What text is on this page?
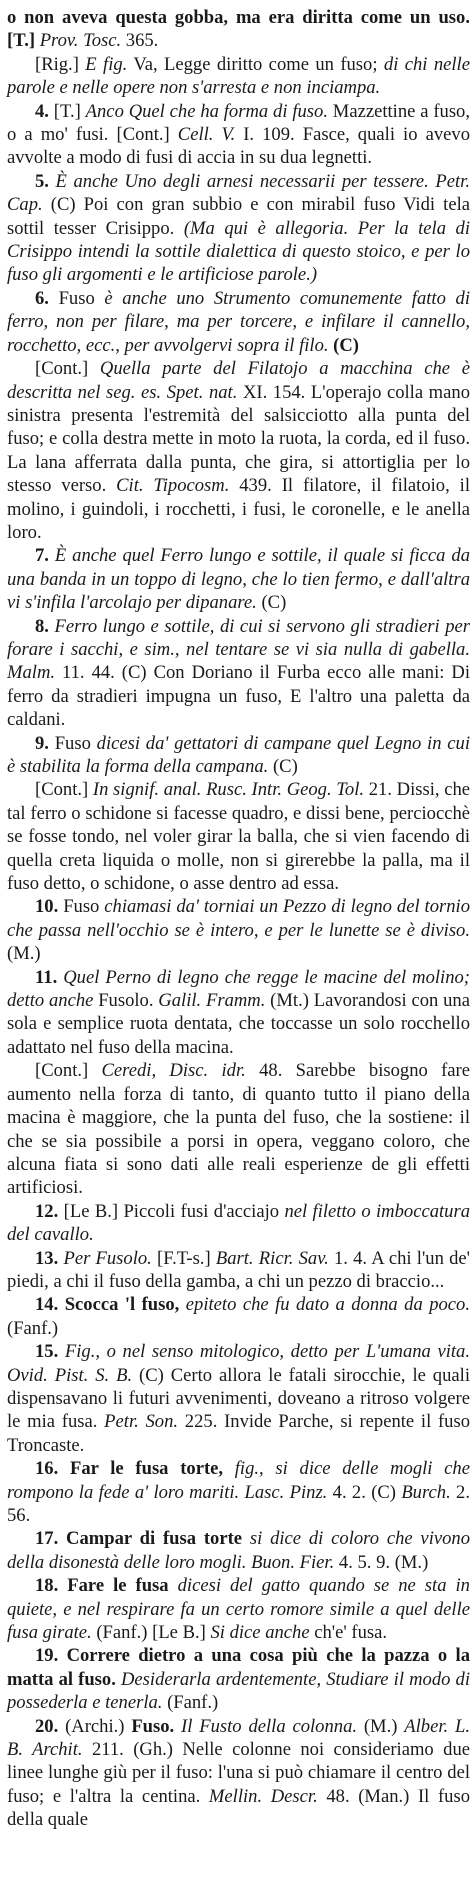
o non aveva questa gobba, ma era diritta come un uso. [T.] Prov. Tosc. 365.

[Rig.] E fig. Va, Legge diritto come un fuso; di chi nelle parole e nelle opere non s'arresta e non inciampa.

4. [T.] Anco Quel che ha forma di fuso. Mazzettine a fuso, o a mo' fusi. [Cont.] Cell. V. I. 109. Fasce, quali io avevo avvolte a modo di fusi di accia in su dua legnetti.

5. È anche Uno degli arnesi necessarii per tessere. Petr. Cap. (C) Poi con gran subbio e con mirabil fuso Vidi tela sottil tesser Crisippo. (Ma qui è allegoria. Per la tela di Crisippo intendi la sottile dialettica di questo stoico, e per lo fuso gli argomenti e le artificiose parole.)

6. Fuso è anche uno Strumento comunemente fatto di ferro, non per filare, ma per torcere, e infilare il cannello, rocchetto, ecc., per avvolgervi sopra il filo. (C)

[Cont.] Quella parte del Filatojo a macchina che è descritta nel seg. es. Spet. nat. XI. 154. L'operajo colla mano sinistra presenta l'estremità del salsicciotto alla punta del fuso; e colla destra mette in moto la ruota, la corda, ed il fuso. La lana afferrata dalla punta, che gira, si attortiglia per lo stesso verso. Cit. Tipocosm. 439. Il filatore, il filatoio, il molino, i guindoli, i rocchetti, i fusi, le coronelle, e le anella loro.

7. È anche quel Ferro lungo e sottile, il quale si ficca da una banda in un toppo di legno, che lo tien fermo, e dall'altra vi s'infila l'arcolajo per dipanare. (C)

8. Ferro lungo e sottile, di cui si servono gli stradieri per forare i sacchi, e sim., nel tentare se vi sia nulla di gabella. Malm. 11. 44. (C) Con Doriano il Furba ecco alle mani: Di ferro da stradieri impugna un fuso, E l'altro una paletta da caldani.

9. Fuso dicesi da' gettatori di campane quel Legno in cui è stabilita la forma della campana. (C)

[Cont.] In signif. anal. Rusc. Intr. Geog. Tol. 21. Dissi, che tal ferro o schidone si facesse quadro, e dissi bene, perciocchè se fosse tondo, nel voler girar la balla, che si vien facendo di quella creta liquida o molle, non si girerebbe la palla, ma il fuso detto, o schidone, o asse dentro ad essa.

10. Fuso chiamasi da' torniai un Pezzo di legno del tornio che passa nell'occhio se è intero, e per le lunette se è diviso. (M.)

11. Quel Perno di legno che regge le macine del molino; detto anche Fusolo. Galil. Framm. (Mt.) Lavorandosi con una sola e semplice ruota dentata, che toccasse un solo rocchello adattato nel fuso della macina.

[Cont.] Ceredi, Disc. idr. 48. Sarebbe bisogno fare aumento nella forza di tanto, di quanto tutto il piano della macina è maggiore, che la punta del fuso, che la sostiene: il che se sia possibile a porsi in opera, veggano coloro, che alcuna fiata si sono dati alle reali esperienze de gli effetti artificiosi.

12. [Le B.] Piccoli fusi d'acciajo nel filetto o imboccatura del cavallo.

13. Per Fusolo. [F.T-s.] Bart. Ricr. Sav. 1. 4. A chi l'un de' piedi, a chi il fuso della gamba, a chi un pezzo di braccio...

14. Scocca 'l fuso, epiteto che fu dato a donna da poco. (Fanf.)

15. Fig., o nel senso mitologico, detto per L'umana vita. Ovid. Pist. S. B. (C) Certo allora le fatali sirocchie, le quali dispensavano li futuri avvenimenti, doveano a ritroso volgere le mia fusa. Petr. Son. 225. Invide Parche, si repente il fuso Troncaste.

16. Far le fusa torte, fig., si dice delle mogli che rompono la fede a' loro mariti. Lasc. Pinz. 4. 2. (C) Burch. 2. 56.

17. Campar di fusa torte si dice di coloro che vivono della disonestà delle loro mogli. Buon. Fier. 4. 5. 9. (M.)

18. Fare le fusa dicesi del gatto quando se ne sta in quiete, e nel respirare fa un certo romore simile a quel delle fusa girate. (Fanf.) [Le B.] Si dice anche ch'e' fusa.

19. Correre dietro a una cosa più che la pazza o la matta al fuso. Desiderarla ardentemente, Studiare il modo di possederla e tenerla. (Fanf.)

20. (Archi.) Fuso. Il Fusto della colonna. (M.) Alber. L. B. Archit. 211. (Gh.) Nelle colonne noi consideriamo due linee lunghe giù per il fuso: l'una si può chiamare il centro del fuso; e l'altra la centina. Mellin. Descr. 48. (Man.) Il fuso della quale
